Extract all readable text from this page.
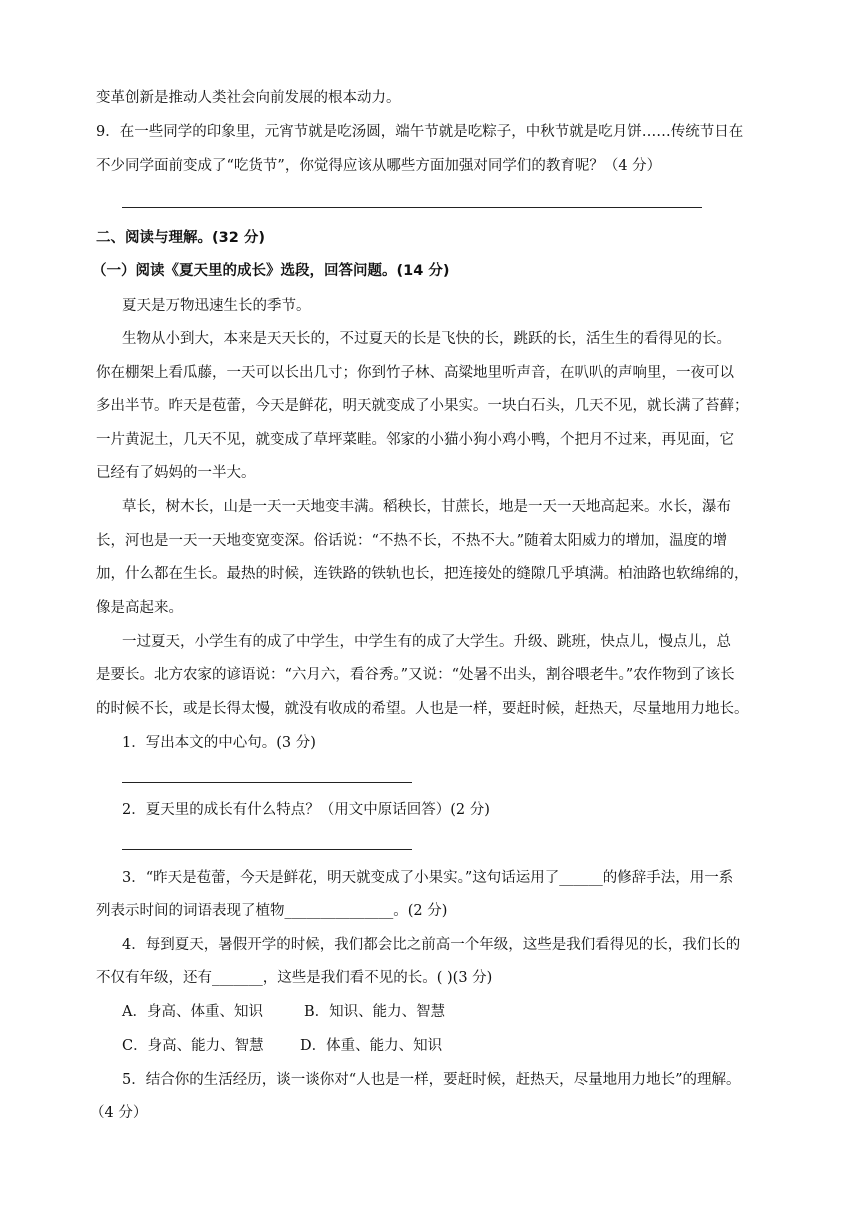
变革创新是推动人类社会向前发展的根本动力。
9．在一些同学的印象里，元宵节就是吃汤圆，端午节就是吃粽子，中秋节就是吃月饼……传统节日在
不少同学面前变成了“吃货节”，你觉得应该从哪些方面加强对同学们的教育呢？（4 分）
二、阅读与理解。(32 分)
（一）阅读《夏天里的成长》选段，回答问题。(14 分)
夏天是万物迅速生长的季节。
生物从小到大，本来是天天长的，不过夏天的长是飞快的长，跳跃的长，活生生的看得见的长。
你在棚架上看瓜藤，一天可以长出几寸；你到竹子林、高粱地里听声音，在叭叭的声响里，一夜可以
多出半节。昨天是苞蕾，今天是鲜花，明天就变成了小果实。一块白石头，几天不见，就长满了苔藓；
一片黄泥土，几天不见，就变成了草坪菜畦。邻家的小猫小狗小鸡小鸭，个把月不过来，再见面，它
已经有了妈妈的一半大。
草长，树木长，山是一天一天地变丰满。稻秧长，甘蔗长，地是一天一天地高起来。水长，瀑布
长，河也是一天一天地变宽变深。俗话说：“不热不长，不热不大。”随着太阳威力的增加，温度的增
加，什么都在生长。最热的时候，连铁路的铁轨也长，把连接处的缝隙几乎填满。柏油路也软绵绵的，
像是高起来。
一过夏天，小学生有的成了中学生，中学生有的成了大学生。升级、跳班，快点儿，慢点儿，总
是要长。北方农家的谚语说：“六月六，看谷秀。”又说：“处暑不出头，割谷喂老牛。”农作物到了该长
的时候不长，或是长得太慢，就没有收成的希望。人也是一样，要赶时候，赶热天，尽量地用力地长。
1．写出本文的中心句。(3 分)
2．夏天里的成长有什么特点？（用文中原话回答）(2 分)
3．“昨天是苞蕾，今天是鲜花，明天就变成了小果实。”这句话运用了______的修辞手法，用一系
列表示时间的词语表现了植物_______________。(2 分)
4．每到夏天，暑假开学的时候，我们都会比之前高一个年级，这些是我们看得见的长，我们长的
不仅有年级，还有_______，这些是我们看不见的长。( )(3 分)
A．身高、体重、知识	B．知识、能力、智慧
C．身高、能力、智慧	D．体重、能力、知识
5．结合你的生活经历，谈一谈你对“人也是一样，要赶时候，赶热天，尽量地用力地长”的理解。
（4 分）
